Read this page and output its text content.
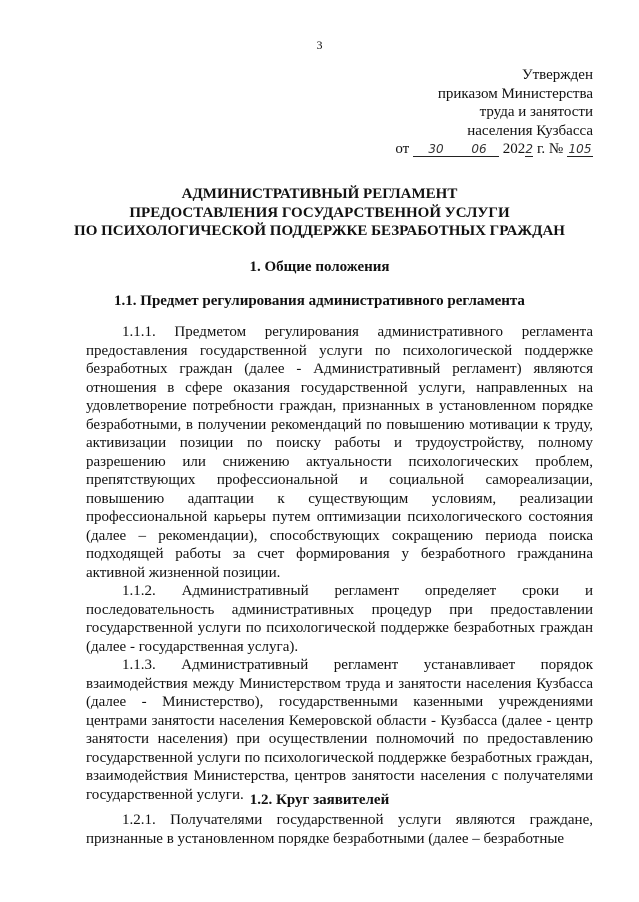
3
Утвержден
приказом Министерства
труда и занятости
населения Кузбасса
от 30 06 2022 г. № 105
АДМИНИСТРАТИВНЫЙ РЕГЛАМЕНТ
ПРЕДОСТАВЛЕНИЯ ГОСУДАРСТВЕННОЙ УСЛУГИ
ПО ПСИХОЛОГИЧЕСКОЙ ПОДДЕРЖКЕ БЕЗРАБОТНЫХ ГРАЖДАН
1. Общие положения
1.1. Предмет регулирования административного регламента

1.1.1. Предметом регулирования административного регламента предоставления государственной услуги по психологической поддержке безработных граждан (далее - Административный регламент) являются отношения в сфере оказания государственной услуги, направленных на удовлетворение потребности граждан, признанных в установленном порядке безработными, в получении рекомендаций по повышению мотивации к труду, активизации позиции по поиску работы и трудоустройству, полному разрешению или снижению актуальности психологических проблем, препятствующих профессиональной и социальной самореализации, повышению адаптации к существующим условиям, реализации профессиональной карьеры путем оптимизации психологического состояния (далее – рекомендации), способствующих сокращению периода поиска подходящей работы за счет формирования у безработного гражданина активной жизненной позиции.

1.1.2. Административный регламент определяет сроки и последовательность административных процедур при предоставлении государственной услуги по психологической поддержке безработных граждан (далее - государственная услуга).

1.1.3. Административный регламент устанавливает порядок взаимодействия между Министерством труда и занятости населения Кузбасса (далее - Министерство), государственными казенными учреждениями центрами занятости населения Кемеровской области - Кузбасса (далее - центр занятости населения) при осуществлении полномочий по предоставлению государственной услуги по психологической поддержке безработных граждан, взаимодействия Министерства, центров занятости населения с получателями государственной услуги. 1.2. Круг заявителей

1.2.1. Получателями государственной услуги являются граждане, признанные в установленном порядке безработными (далее – безработные
